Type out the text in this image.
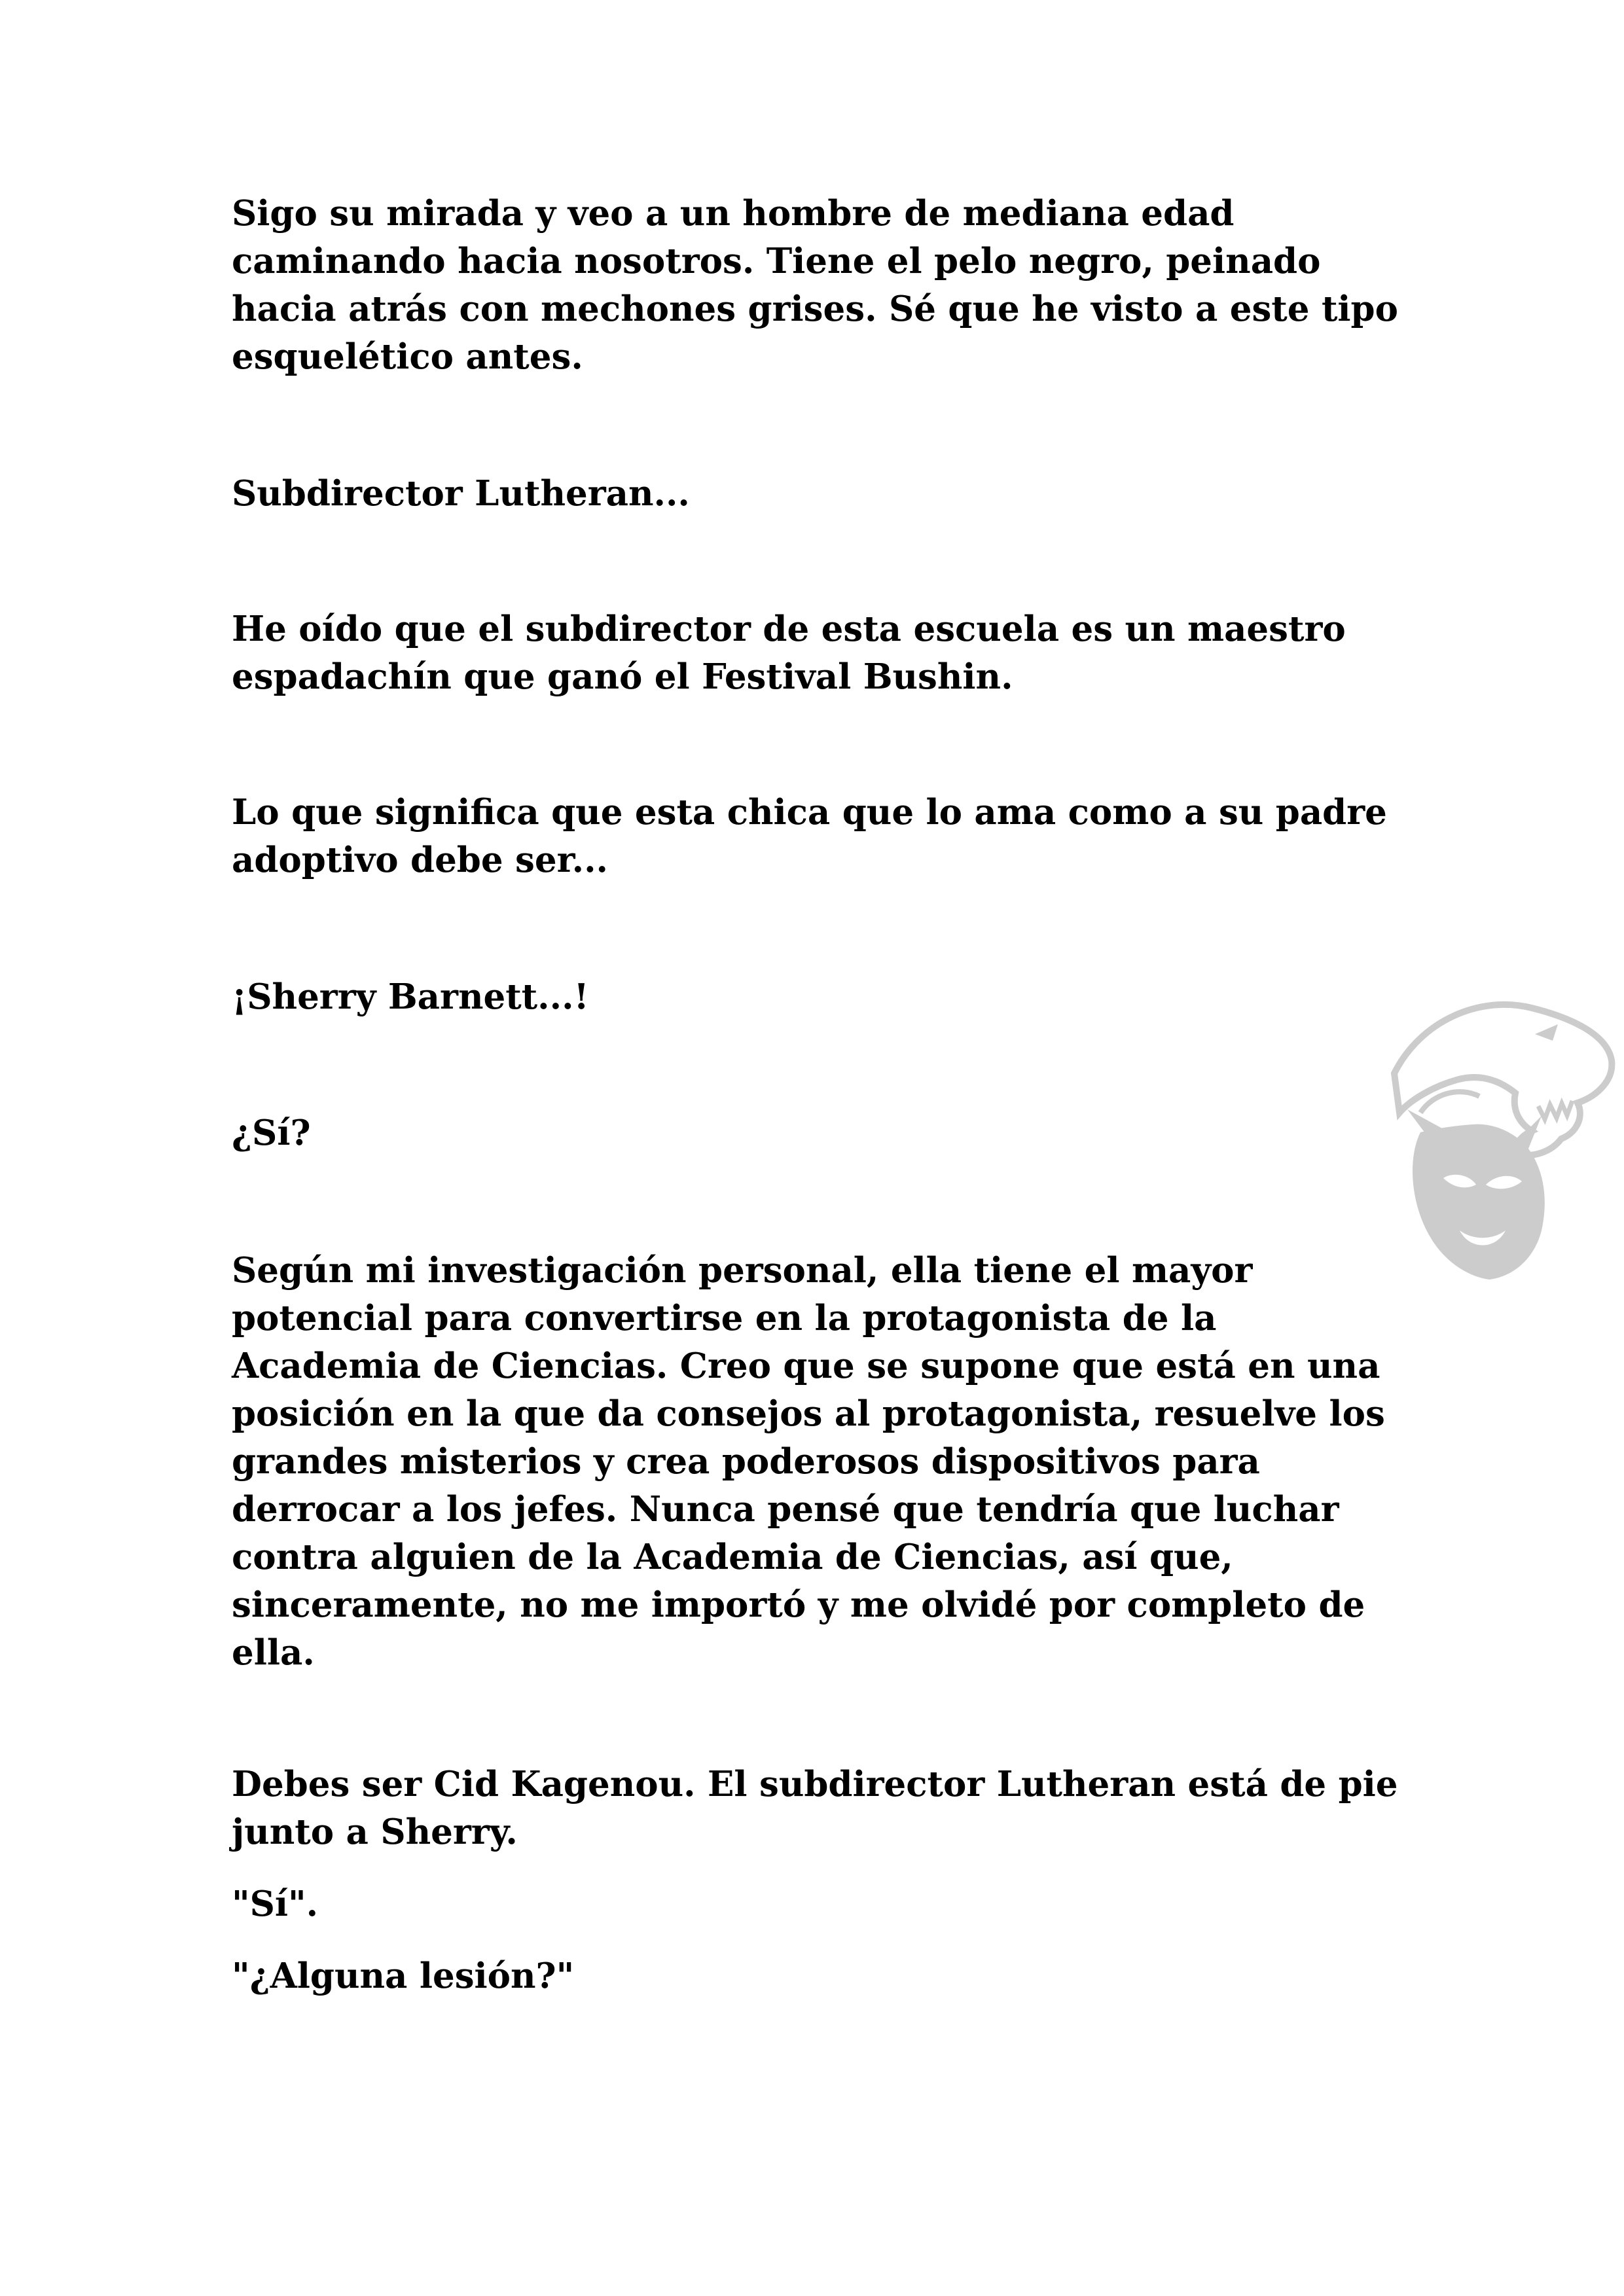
Sigo su mirada y veo a un hombre de mediana edad
caminando hacia nosotros. Tiene el pelo negro, peinado
hacia atrás con mechones grises. Sé que he visto a este tipo
esquelético antes.

Subdirector Lutheran...

He oído que el subdirector de esta escuela es un maestro
espadachín que ganó el Festival Bushin.

Lo que significa que esta chica que lo ama como a su padre
adoptivo debe ser...

¡Sherry Barnett...!

¿Sí?

Según mi investigación personal, ella tiene el mayor
potencial para convertirse en la protagonista de la
Academia de Ciencias. Creo que se supone que está en una
posición en la que da consejos al protagonista, resuelve los
grandes misterios y crea poderosos dispositivos para
derrocar a los jefes. Nunca pensé que tendría que luchar
contra alguien de la Academia de Ciencias, así que,
sinceramente, no me importó y me olvidé por completo de
ella.

Debes ser Cid Kagenou. El subdirector Lutheran está de pie
junto a Sherry.

"Sí".

"¿Alguna lesión?"
